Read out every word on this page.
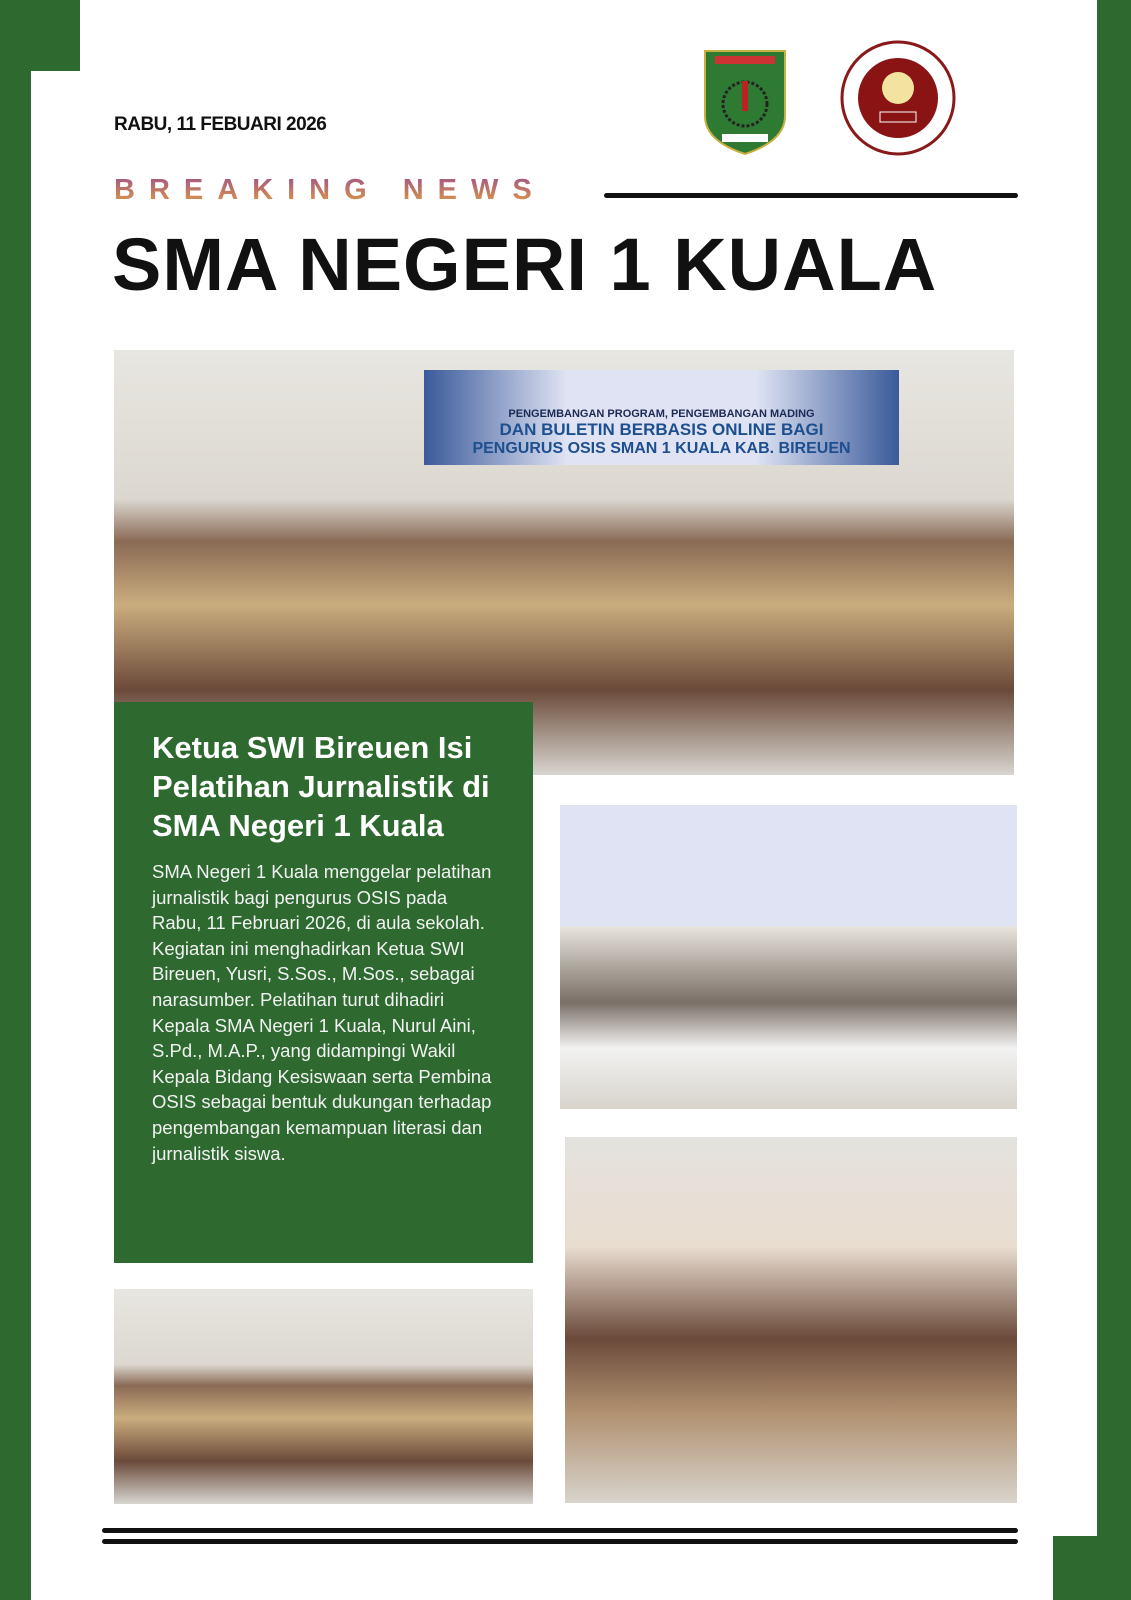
RABU, 11 FEBUARI 2026
BREAKING NEWS
SMA NEGERI 1 KUALA
PENGEMBANGAN PROGRAM, PENGEMBANGAN MADING
DAN BULETIN BERBASIS ONLINE BAGI
PENGURUS OSIS SMAN 1 KUALA KAB. BIREUEN
Ketua SWI Bireuen Isi Pelatihan Jurnalistik di SMA Negeri 1 Kuala

SMA Negeri 1 Kuala menggelar pelatihan jurnalistik bagi pengurus OSIS pada Rabu, 11 Februari 2026, di aula sekolah. Kegiatan ini menghadirkan Ketua SWI Bireuen, Yusri, S.Sos., M.Sos., sebagai narasumber. Pelatihan turut dihadiri Kepala SMA Negeri 1 Kuala, Nurul Aini, S.Pd., M.A.P., yang didampingi Wakil Kepala Bidang Kesiswaan serta Pembina OSIS sebagai bentuk dukungan terhadap pengembangan kemampuan literasi dan jurnalistik siswa.
